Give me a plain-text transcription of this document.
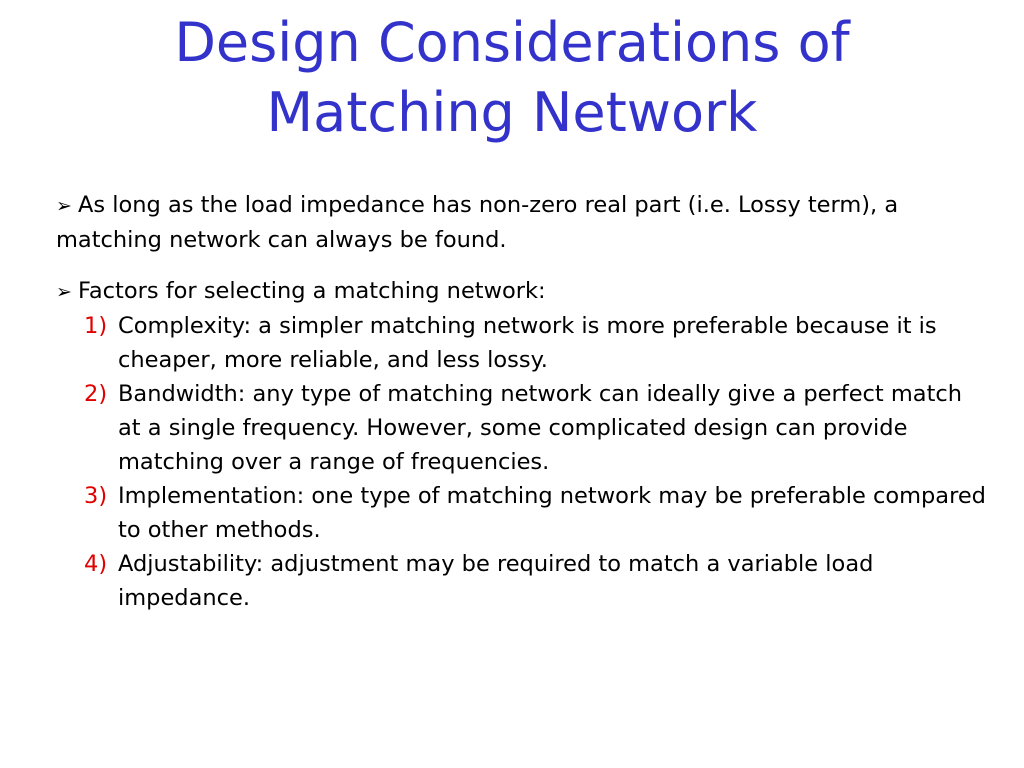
Design Considerations of
Matching Network

➢ As long as the load impedance has non-zero real part (i.e. Lossy term), a matching network can always be found.

➢ Factors for selecting a matching network:

1) Complexity: a simpler matching network is more preferable because it is cheaper, more reliable, and less lossy.
2) Bandwidth: any type of matching network can ideally give a perfect match at a single frequency. However, some complicated design can provide matching over a range of frequencies.
3) Implementation: one type of matching network may be preferable compared to other methods.
4) Adjustability: adjustment may be required to match a variable load impedance.
